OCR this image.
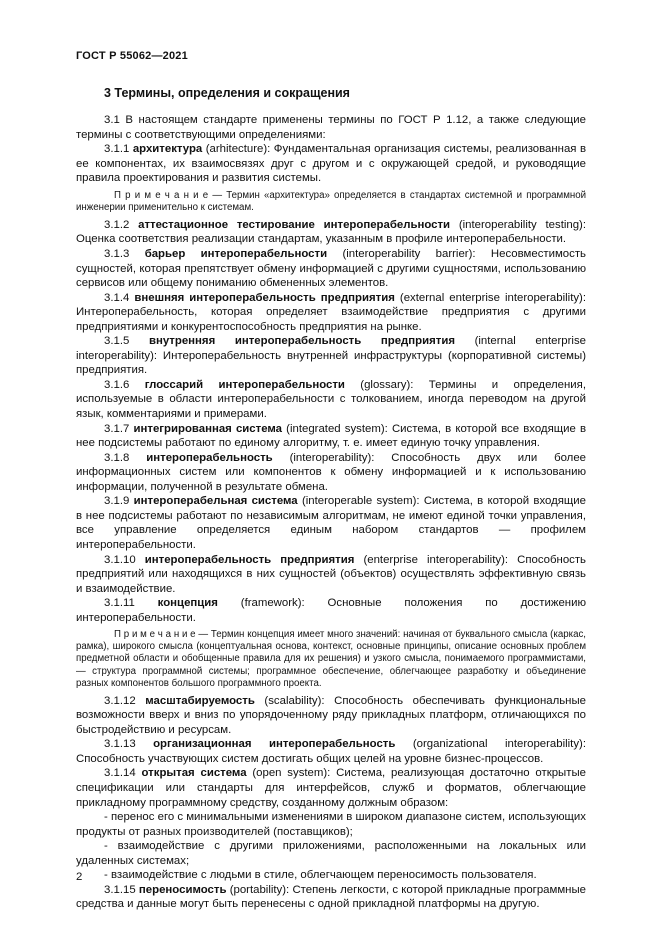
ГОСТ Р 55062—2021
3 Термины, определения и сокращения

3.1 В настоящем стандарте применены термины по ГОСТ Р 1.12, а также следующие термины с соответствующими определениями:

3.1.1 архитектура (arhitecture): Фундаментальная организация системы, реализованная в ее компонентах, их взаимосвязях друг с другом и с окружающей средой, и руководящие правила проектирования и развития системы.

П р и м е ч а н и е — Термин «архитектура» определяется в стандартах системной и программной инженерии применительно к системам.

3.1.2 аттестационное тестирование интероперабельности (interoperability testing): Оценка соответствия реализации стандартам, указанным в профиле интероперабельности.

3.1.3 барьер интероперабельности (interoperability barrier): Несовместимость сущностей, которая препятствует обмену информацией с другими сущностями, использованию сервисов или общему пониманию обмененных элементов.

3.1.4 внешняя интероперабельность предприятия (external enterprise interoperability): Интероперабельность, которая определяет взаимодействие предприятия с другими предприятиями и конкурентоспособность предприятия на рынке.

3.1.5 внутренняя интероперабельность предприятия (internal enterprise interoperability): Интероперабельность внутренней инфраструктуры (корпоративной системы) предприятия.

3.1.6 глоссарий интероперабельности (glossary): Термины и определения, используемые в области интероперабельности с толкованием, иногда переводом на другой язык, комментариями и примерами.

3.1.7 интегрированная система (integrated system): Система, в которой все входящие в нее подсистемы работают по единому алгоритму, т. е. имеет единую точку управления.

3.1.8 интероперабельность (interoperability): Способность двух или более информационных систем или компонентов к обмену информацией и к использованию информации, полученной в результате обмена.

3.1.9 интероперабельная система (interoperable system): Система, в которой входящие в нее подсистемы работают по независимым алгоритмам, не имеют единой точки управления, все управление определяется единым набором стандартов — профилем интероперабельности.

3.1.10 интероперабельность предприятия (enterprise interoperability): Способность предприятий или находящихся в них сущностей (объектов) осуществлять эффективную связь и взаимодействие.

3.1.11 концепция (framework): Основные положения по достижению интероперабельности.

П р и м е ч а н и е — Термин концепция имеет много значений: начиная от буквального смысла (каркас, рамка), широкого смысла (концептуальная основа, контекст, основные принципы, описание основных проблем предметной области и обобщенные правила для их решения) и узкого смысла, понимаемого программистами, — структура программной системы; программное обеспечение, облегчающее разработку и объединение разных компонентов большого программного проекта.

3.1.12 масштабируемость (scalability): Способность обеспечивать функциональные возможности вверх и вниз по упорядоченному ряду прикладных платформ, отличающихся по быстродействию и ресурсам.

3.1.13 организационная интероперабельность (organizational interoperability): Способность участвующих систем достигать общих целей на уровне бизнес-процессов.

3.1.14 открытая система (open system): Система, реализующая достаточно открытые спецификации или стандарты для интерфейсов, служб и форматов, облегчающие прикладному программному средству, созданному должным образом:

- перенос его с минимальными изменениями в широком диапазоне систем, использующих продукты от разных производителей (поставщиков);

- взаимодействие с другими приложениями, расположенными на локальных или удаленных системах;

- взаимодействие с людьми в стиле, облегчающем переносимость пользователя.

3.1.15 переносимость (portability): Степень легкости, с которой прикладные программные средства и данные могут быть перенесены с одной прикладной платформы на другую.

2
